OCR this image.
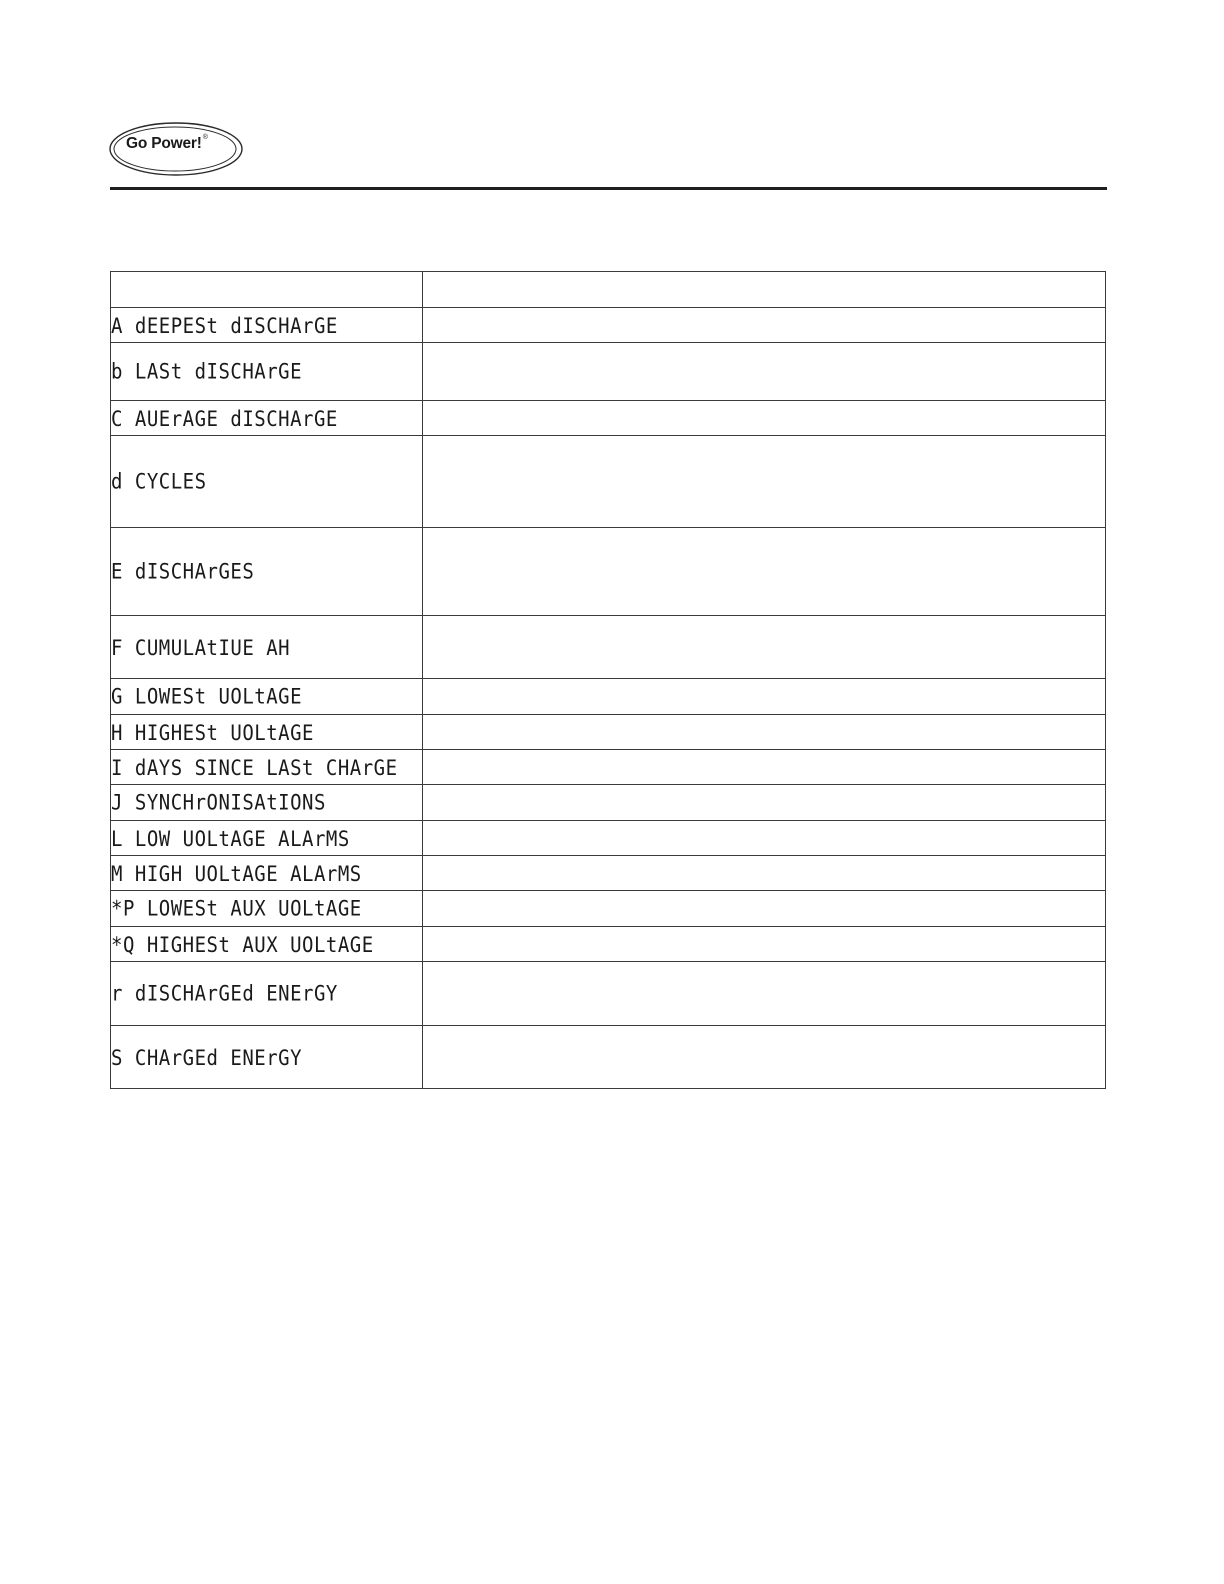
Go Power!®

A dEEPESt dISCHArGE	
b LASt dISCHArGE	
C AUErAGE dISCHArGE	
d CYCLES	
E dISCHArGES	
F CUMULAtIUE AH	
G LOWESt UOLtAGE	
H HIGHESt UOLtAGE	
I dAYS SINCE LASt CHArGE	
J SYNCHrONISAtIONS	
L LOW UOLtAGE ALArMS	
M HIGH UOLtAGE ALArMS	
*P LOWESt AUX UOLtAGE	
*Q HIGHESt AUX UOLtAGE	
r dISCHArGEd ENErGY	
S CHArGEd ENErGY	
